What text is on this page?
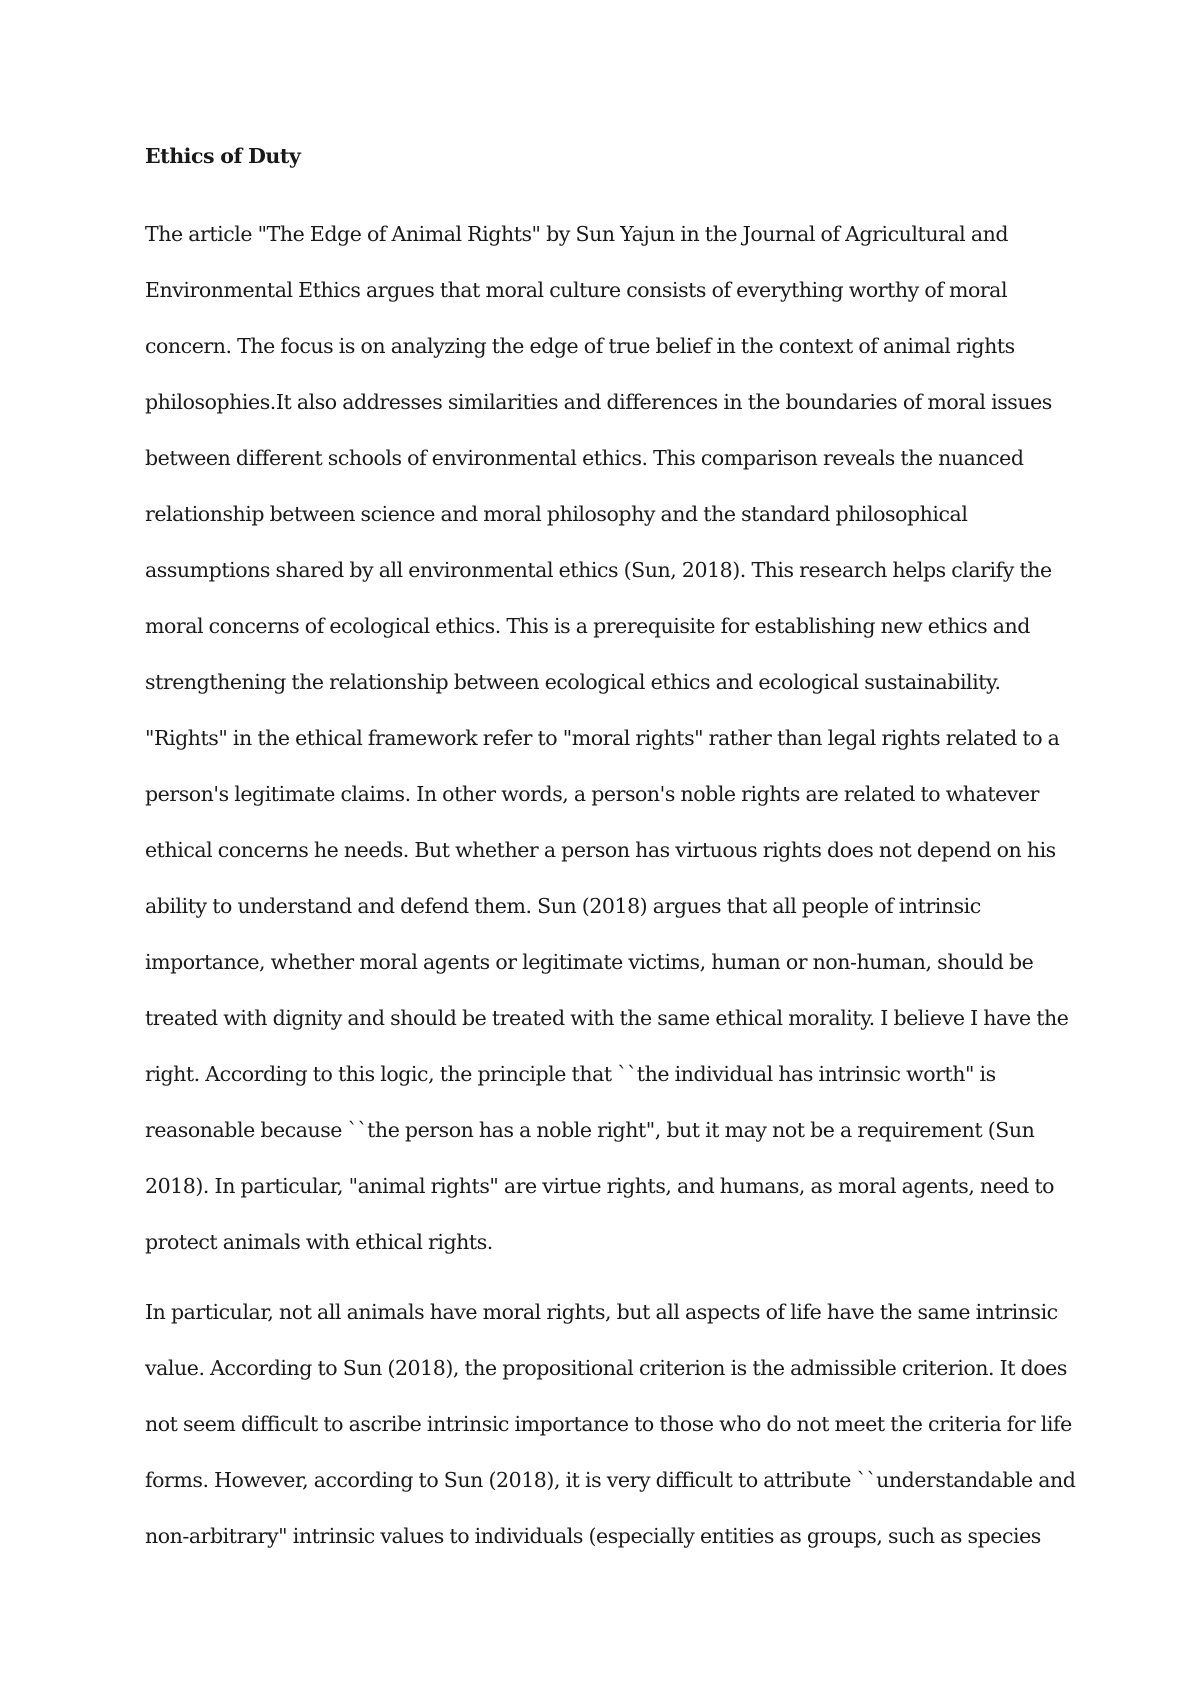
Ethics of Duty
The article "The Edge of Animal Rights" by Sun Yajun in the Journal of Agricultural and
Environmental Ethics argues that moral culture consists of everything worthy of moral
concern. The focus is on analyzing the edge of true belief in the context of animal rights
philosophies.It also addresses similarities and differences in the boundaries of moral issues
between different schools of environmental ethics. This comparison reveals the nuanced
relationship between science and moral philosophy and the standard philosophical
assumptions shared by all environmental ethics (Sun, 2018). This research helps clarify the
moral concerns of ecological ethics. This is a prerequisite for establishing new ethics and
strengthening the relationship between ecological ethics and ecological sustainability.
"Rights" in the ethical framework refer to "moral rights" rather than legal rights related to a
person's legitimate claims. In other words, a person's noble rights are related to whatever
ethical concerns he needs. But whether a person has virtuous rights does not depend on his
ability to understand and defend them. Sun (2018) argues that all people of intrinsic
importance, whether moral agents or legitimate victims, human or non-human, should be
treated with dignity and should be treated with the same ethical morality. I believe I have the
right. According to this logic, the principle that ``the individual has intrinsic worth" is
reasonable because ``the person has a noble right", but it may not be a requirement (Sun
2018). In particular, "animal rights" are virtue rights, and humans, as moral agents, need to
protect animals with ethical rights.
In particular, not all animals have moral rights, but all aspects of life have the same intrinsic
value. According to Sun (2018), the propositional criterion is the admissible criterion. It does
not seem difficult to ascribe intrinsic importance to those who do not meet the criteria for life
forms. However, according to Sun (2018), it is very difficult to attribute ``understandable and
non-arbitrary" intrinsic values to individuals (especially entities as groups, such as species
